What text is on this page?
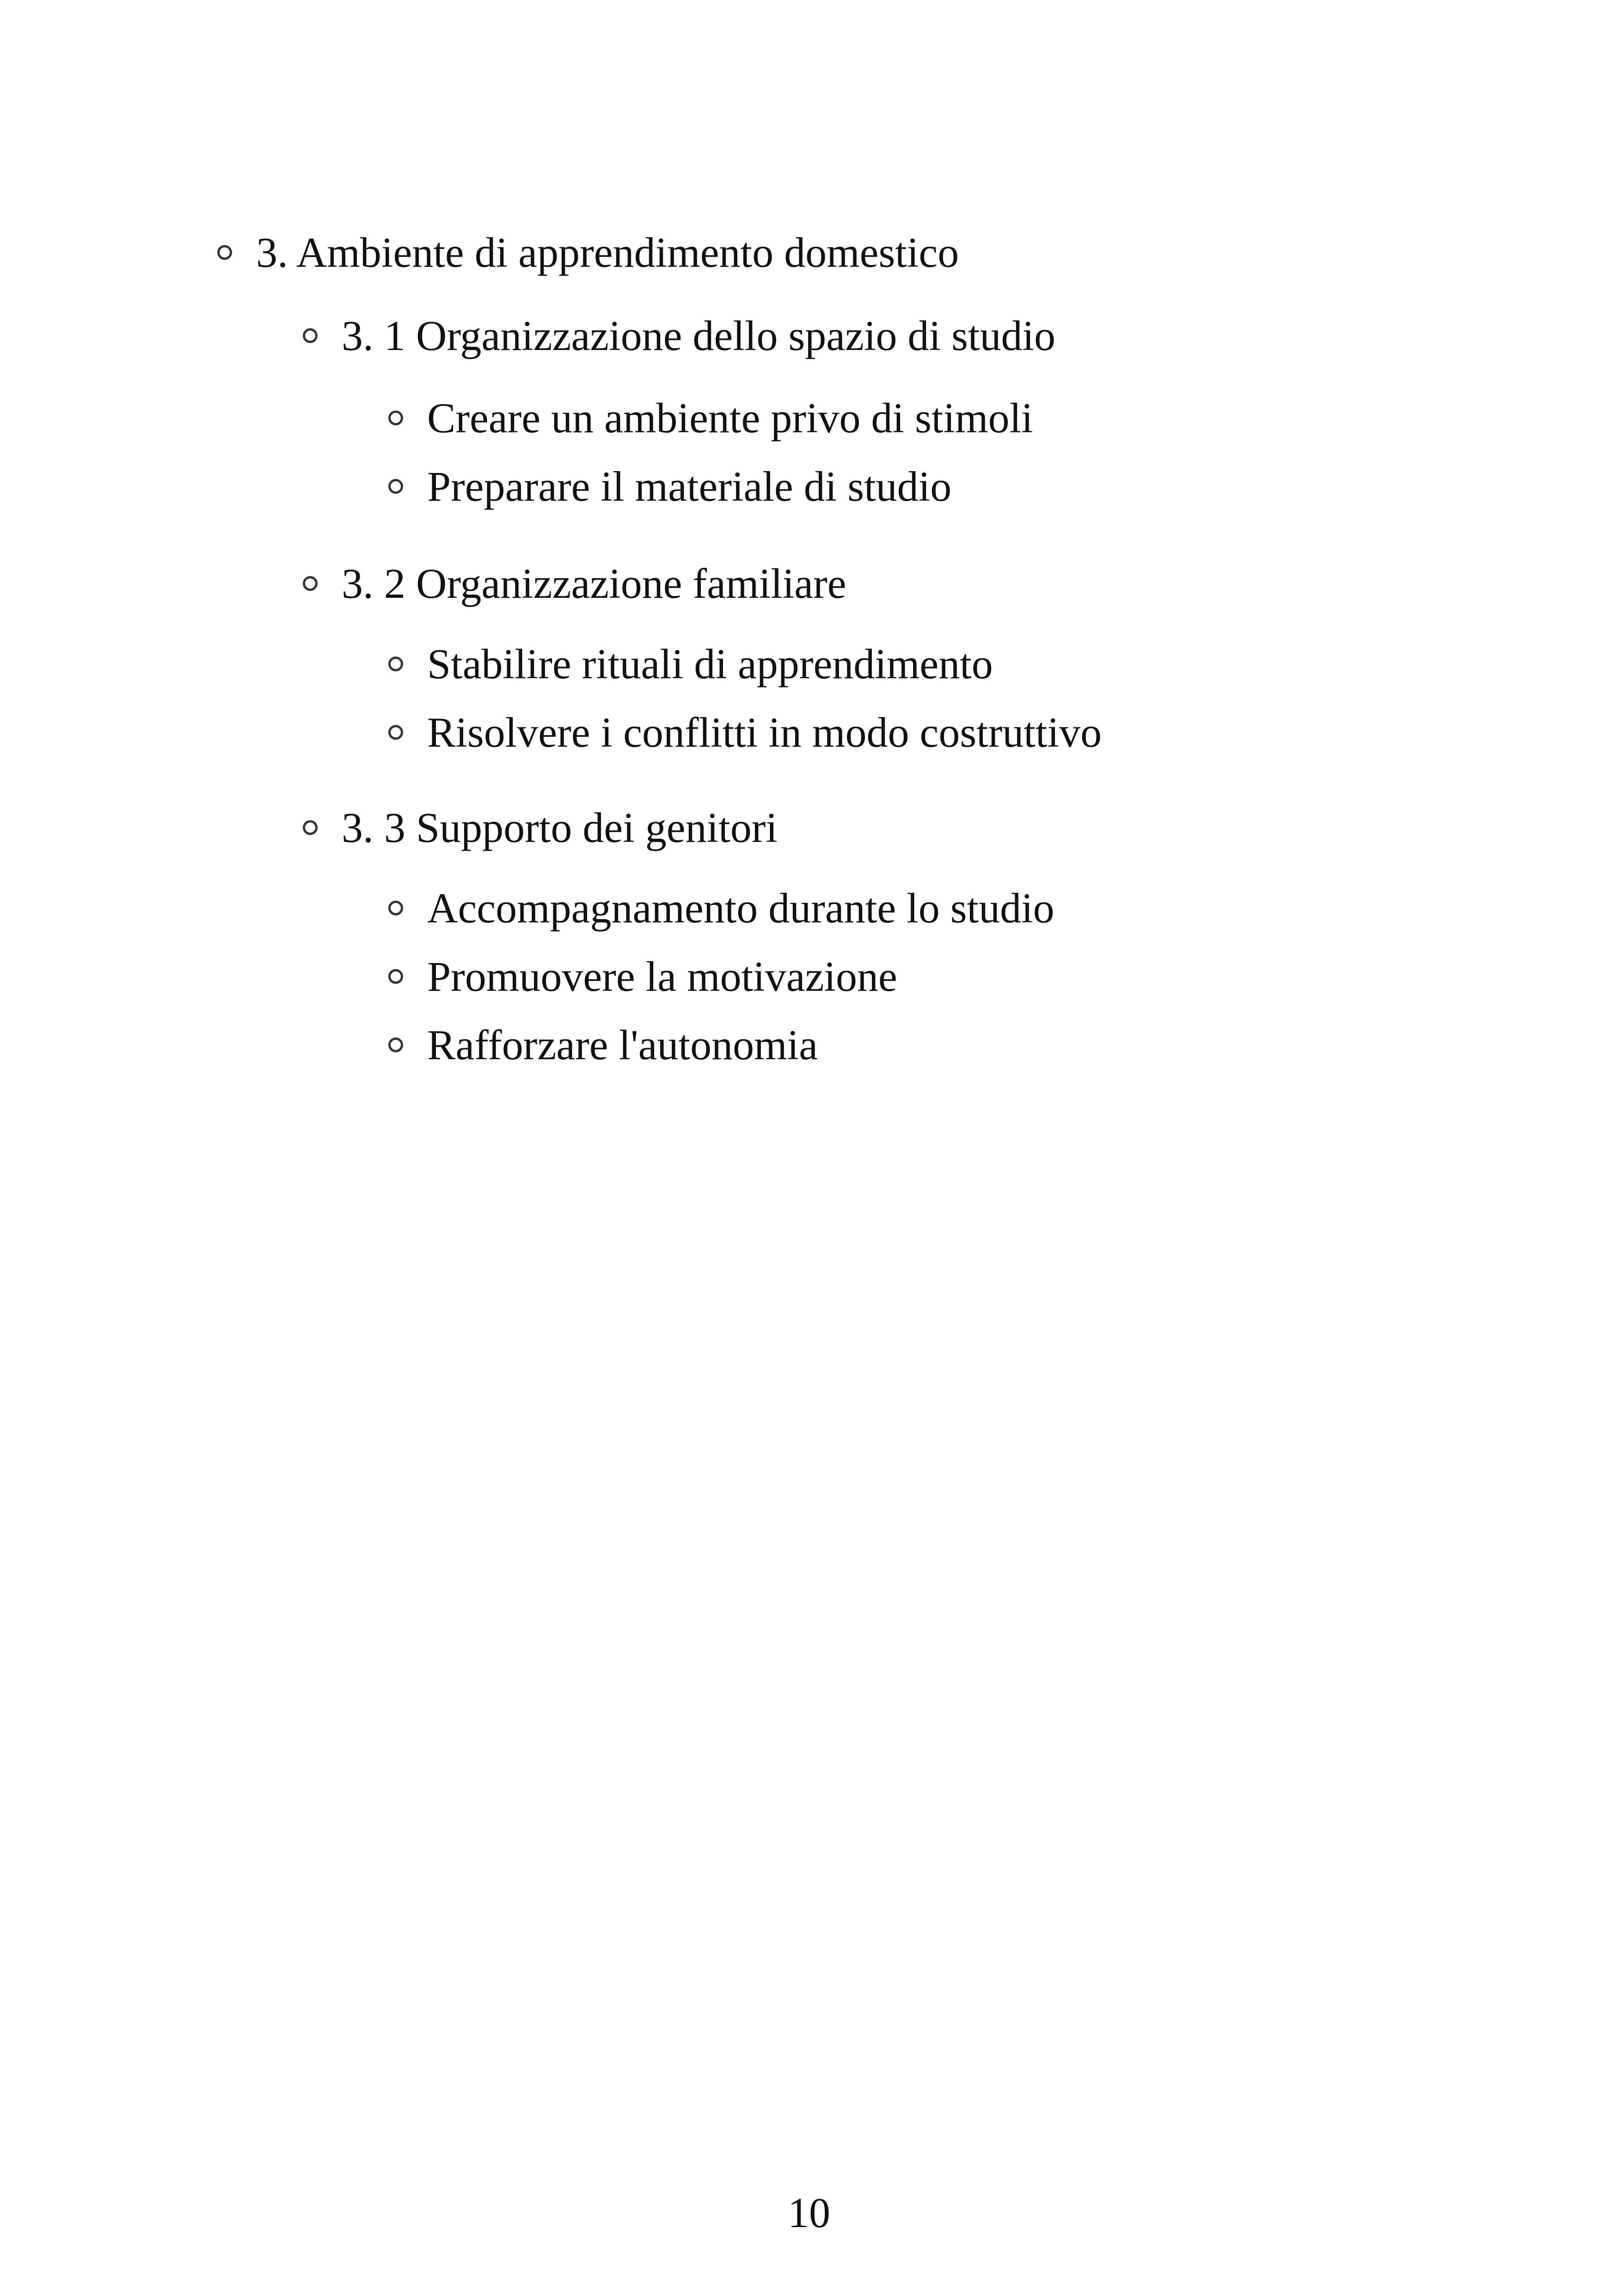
3. Ambiente di apprendimento domestico
3. 1 Organizzazione dello spazio di studio
Creare un ambiente privo di stimoli
Preparare il materiale di studio
3. 2 Organizzazione familiare
Stabilire rituali di apprendimento
Risolvere i conflitti in modo costruttivo
3. 3 Supporto dei genitori
Accompagnamento durante lo studio
Promuovere la motivazione
Rafforzare l'autonomia
10
